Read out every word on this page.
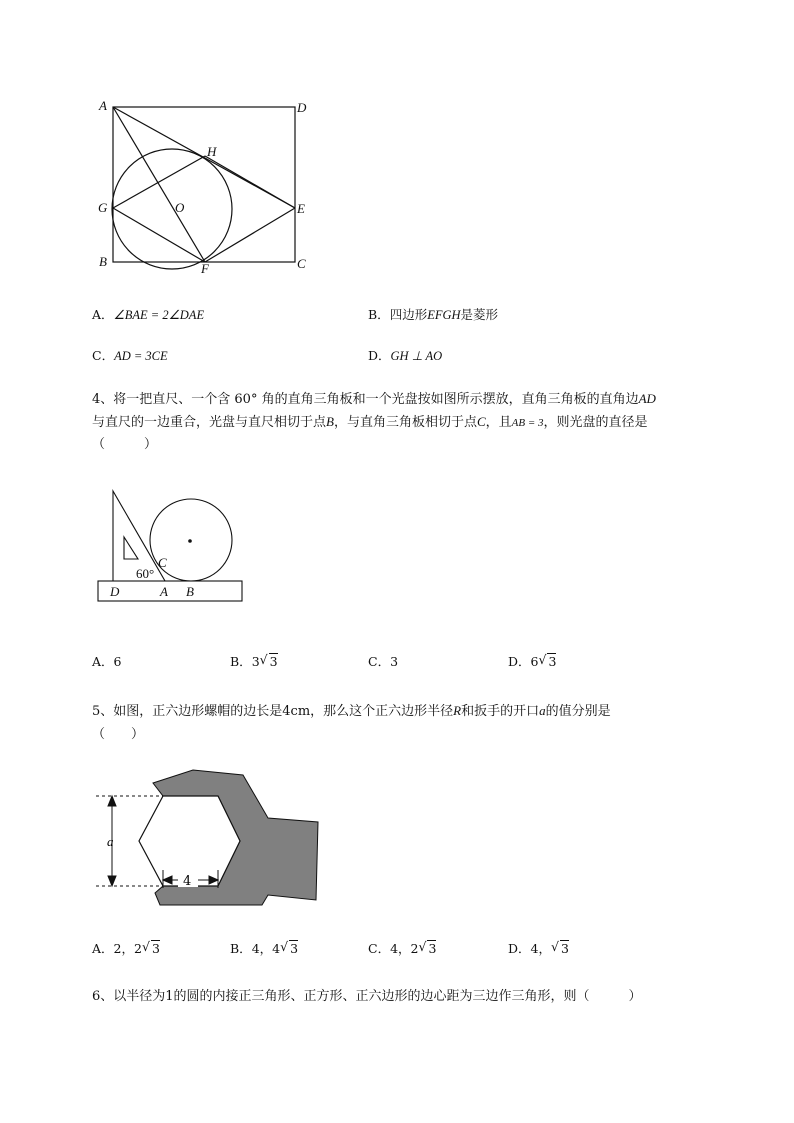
A	D
H
G	O	E
B	F	C
A．∠BAE = 2∠DAE	B．四边形EFGH是菱形
C．AD = 3CE	D．GH ⊥ AO
4、将一把直尺、一个含 60° 角的直角三角板和一个光盘按如图所示摆放，直角三角板的直角边AD
与直尺的一边重合，光盘与直尺相切于点B，与直角三角板相切于点C，且AB = 3，则光盘的直径是
（　　　）
60°
C
D	A B
A．6	B．3 √ 3	C．3	D．6 √ 3
5、如图，正六边形螺帽的边长是4cm，那么这个正六边形半径R和扳手的开口a的值分别是
（　　）
a
4
A．2，2 √ 3	B．4，4 √ 3	C．4，2 √ 3	D．4， √ 3
6、以半径为1的圆的内接正三角形、正方形、正六边形的边心距为三边作三角形，则（　　　）
